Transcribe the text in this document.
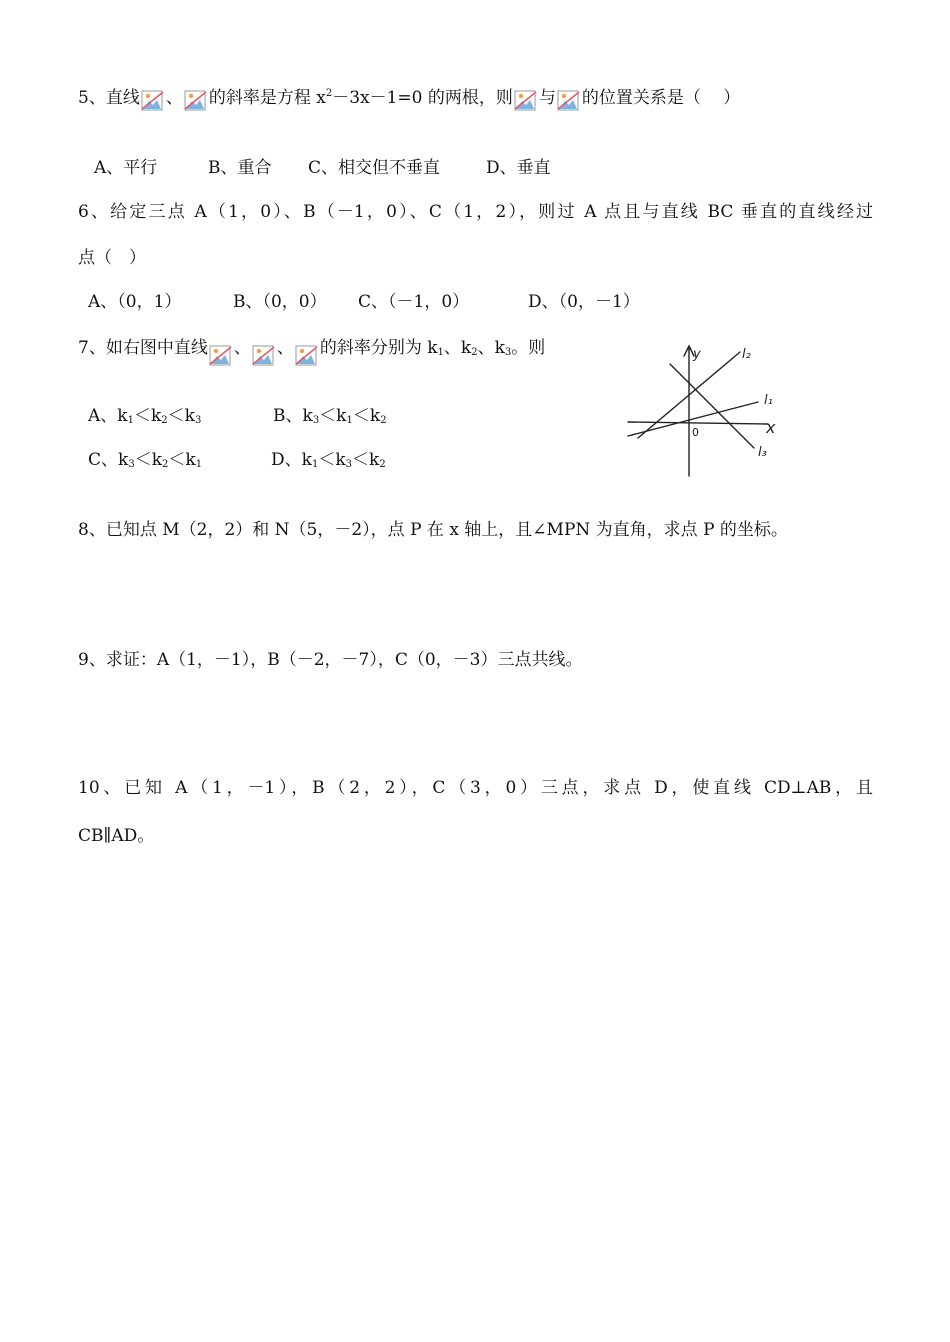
5、直线 、 的斜率是方程 $x^2-3x-1=0$ 的两根，则 与 的位置关系是（　 ）
A、平行	B、重合 C、相交但不垂直	D、垂直
6、给定三点 A（1，0）、B（－1，0）、C（1，2），则过 A 点且与直线 BC 垂直的直线经过
点（　）
A、（0，1）	B、（0，0） C、（－1，0）	D、（0，－1）
7、如右图中直线 、 、 的斜率分别为 $k_1$、$k_2$、$k_3$。则
A、$k_1<k_2<k_3$	B、$k_3<k_1<k_2$
C、$k_3<k_2<k_1$	D、$k_1<k_3<k_2$
y
x
0
l₁
l₂
l₃
8、已知点 M（2，2）和 N（5，－2），点 P 在 x 轴上，且∠MPN 为直角，求点 P 的坐标。
9、求证：A（1，－1），B（－2，－7），C（0，－3）三点共线。
10、已知 A（1，－1），B（2，2），C（3，0）三点，求点 D，使直线 CD⊥AB，且
CB∥AD。
